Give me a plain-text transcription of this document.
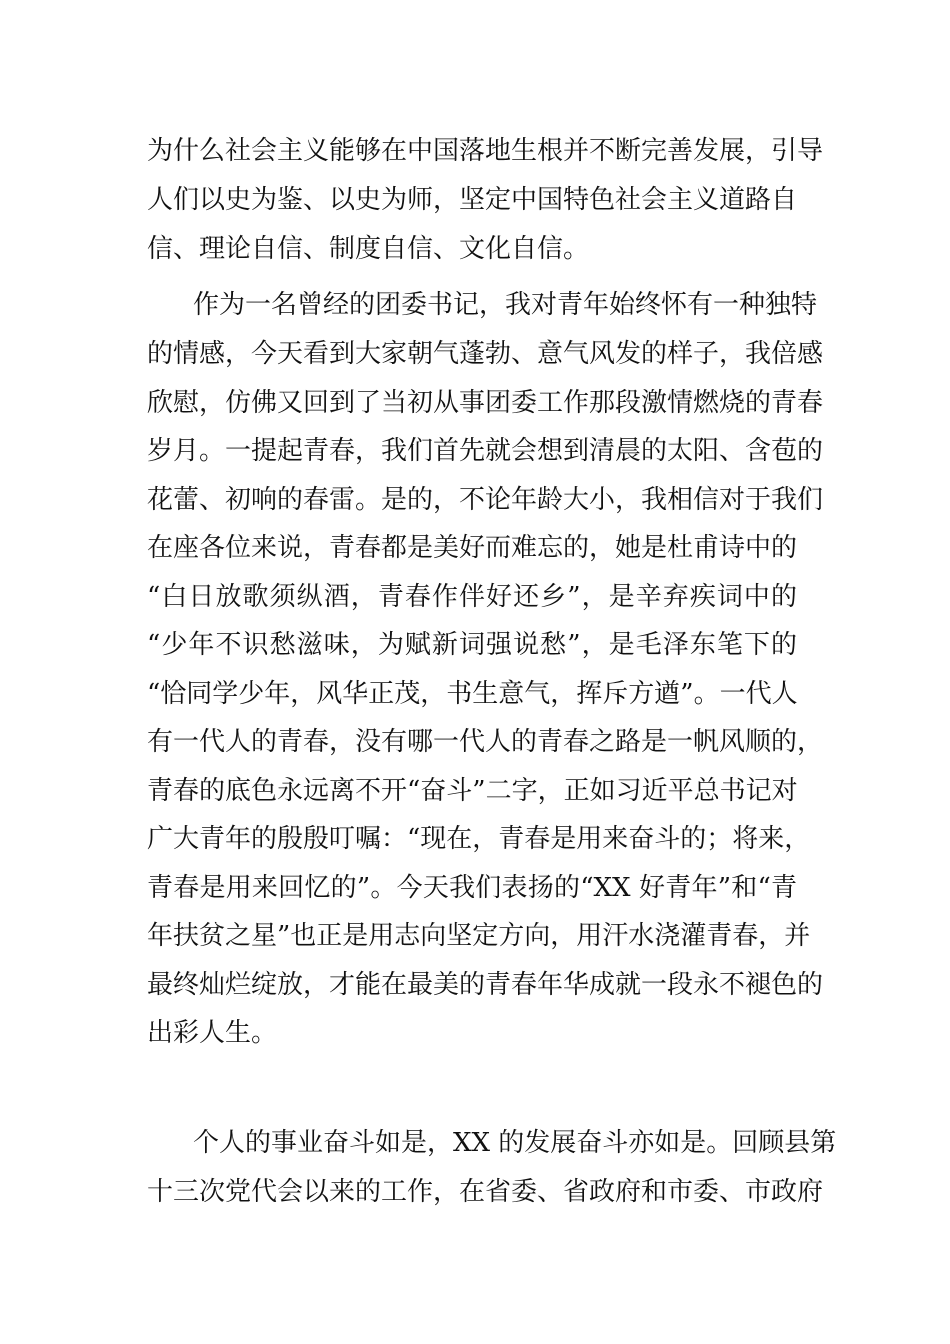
为什么社会主义能够在中国落地生根并不断完善发展，引导
人们以史为鉴、以史为师，坚定中国特色社会主义道路自
信、理论自信、制度自信、文化自信。
作为一名曾经的团委书记，我对青年始终怀有一种独特
的情感，今天看到大家朝气蓬勃、意气风发的样子，我倍感
欣慰，仿佛又回到了当初从事团委工作那段激情燃烧的青春
岁月。一提起青春，我们首先就会想到清晨的太阳、含苞的
花蕾、初响的春雷。是的，不论年龄大小，我相信对于我们
在座各位来说，青春都是美好而难忘的，她是杜甫诗中的
“白日放歌须纵酒，青春作伴好还乡”，是辛弃疾词中的
“少年不识愁滋味，为赋新词强说愁”，是毛泽东笔下的
“恰同学少年，风华正茂，书生意气，挥斥方遒”。一代人
有一代人的青春，没有哪一代人的青春之路是一帆风顺的，
青春的底色永远离不开“奋斗”二字，正如习近平总书记对
广大青年的殷殷叮嘱：“现在，青春是用来奋斗的；将来，
青春是用来回忆的”。今天我们表扬的“XX 好青年”和“青
年扶贫之星”也正是用志向坚定方向，用汗水浇灌青春，并
最终灿烂绽放，才能在最美的青春年华成就一段永不褪色的
出彩人生。
个人的事业奋斗如是，XX 的发展奋斗亦如是。回顾县第
十三次党代会以来的工作，在省委、省政府和市委、市政府
